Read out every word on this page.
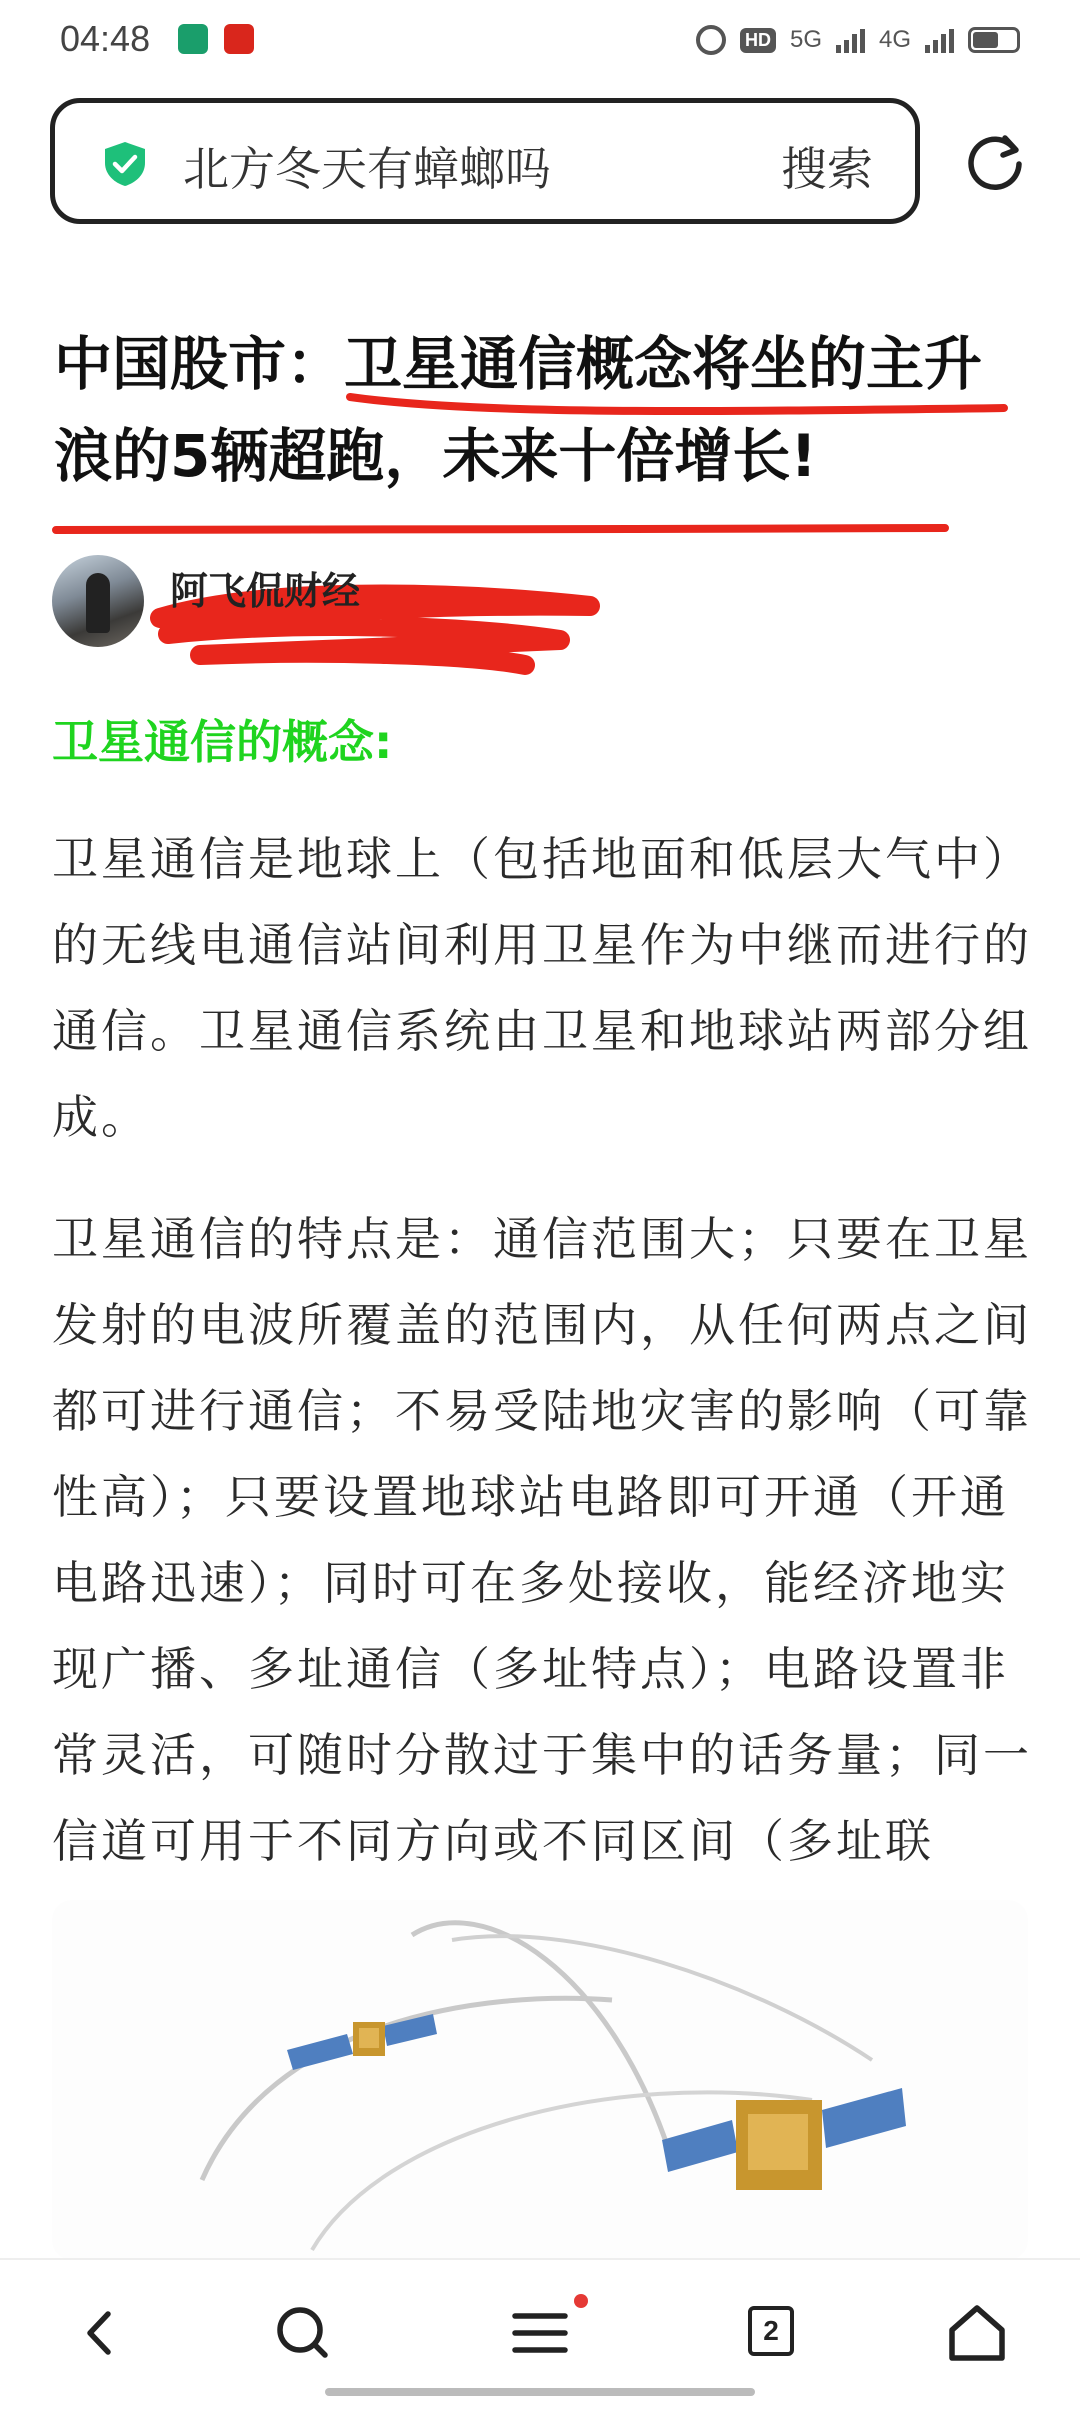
04:48	HD 5G 4G
北方冬天有蟑螂吗	搜索
中国股市：卫星通信概念将坐的主升浪的5辆超跑，未来十倍增长!
阿飞侃财经
卫星通信的概念:

卫星通信是地球上（包括地面和低层大气中）的无线电通信站间利用卫星作为中继而进行的通信。卫星通信系统由卫星和地球站两部分组成。

卫星通信的特点是：通信范围大；只要在卫星发射的电波所覆盖的范围内，从任何两点之间都可进行通信；不易受陆地灾害的影响（可靠性高）；只要设置地球站电路即可开通（开通电路迅速）；同时可在多处接收，能经济地实现广播、多址通信（多址特点）；电路设置非常灵活，可随时分散过于集中的话务量；同一信道可用于不同方向或不同区间（多址联

2
